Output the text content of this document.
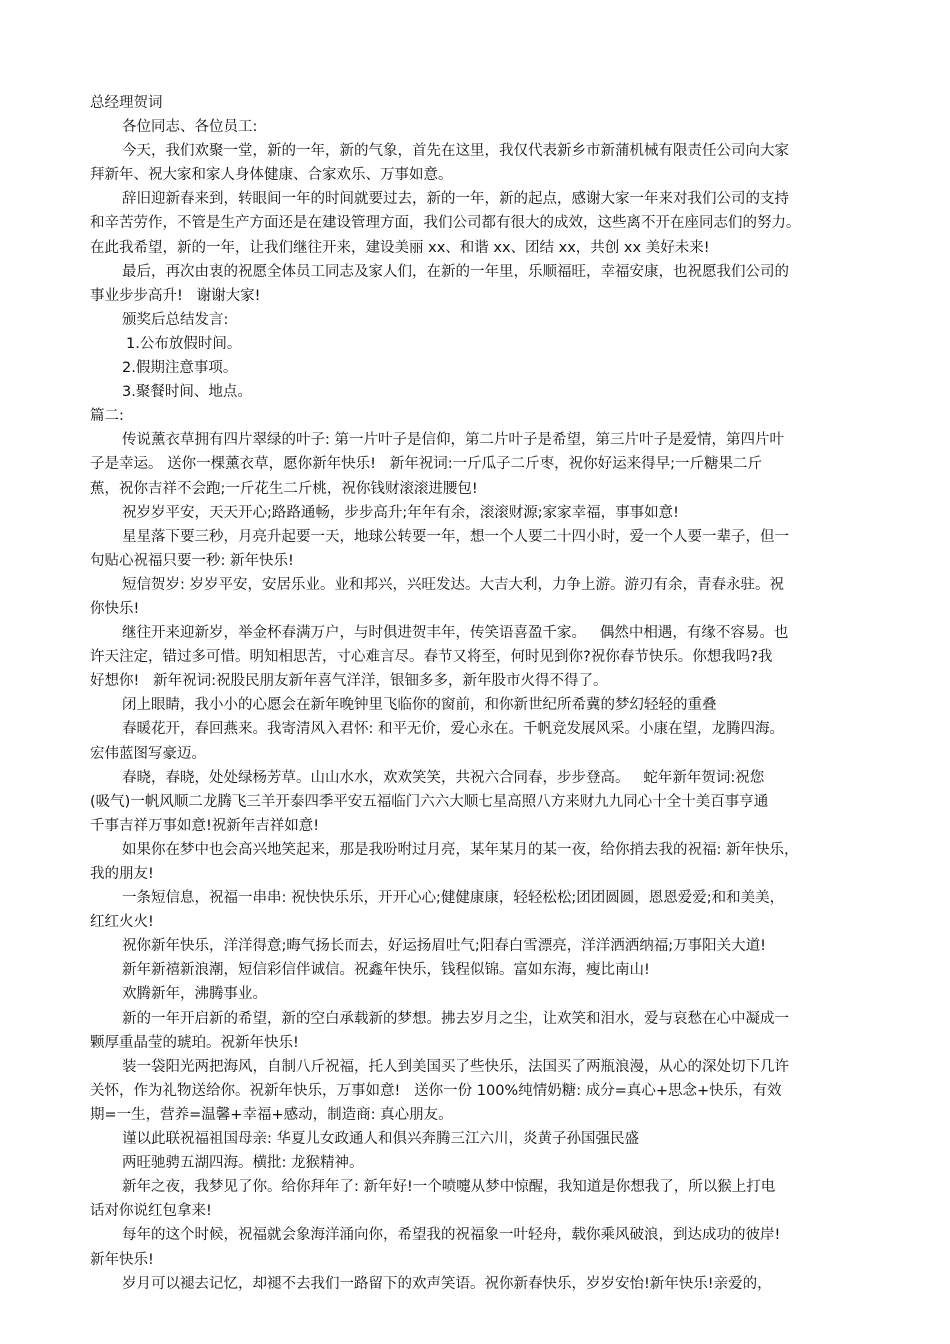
总经理贺词
各位同志、各位员工:
今天，我们欢聚一堂，新的一年，新的气象，首先在这里，我仅代表新乡市新蒲机械有限责任公司向大家
拜新年、祝大家和家人身体健康、合家欢乐、万事如意。
辞旧迎新春来到，转眼间一年的时间就要过去，新的一年，新的起点，感谢大家一年来对我们公司的支持
和辛苦劳作，不管是生产方面还是在建设管理方面，我们公司都有很大的成效，这些离不开在座同志们的努力。
在此我希望，新的一年，让我们继往开来，建设美丽 xx、和谐 xx、团结 xx，共创 xx 美好未来!
最后，再次由衷的祝愿全体员工同志及家人们，在新的一年里，乐顺福旺，幸福安康，也祝愿我们公司的
事业步步高升!   谢谢大家!
颁奖后总结发言:
1.公布放假时间。
2.假期注意事项。
3.聚餐时间、地点。
篇二:
传说薰衣草拥有四片翠绿的叶子: 第一片叶子是信仰，第二片叶子是希望，第三片叶子是爱情，第四片叶
子是幸运。 送你一棵薰衣草，愿你新年快乐!   新年祝词:一斤瓜子二斤枣，祝你好运来得早;一斤糖果二斤
蕉，祝你吉祥不会跑;一斤花生二斤桃，祝你钱财滚滚进腰包!
祝岁岁平安，天天开心;路路通畅，步步高升;年年有余，滚滚财源;家家幸福，事事如意!
星星落下要三秒，月亮升起要一天，地球公转要一年，想一个人要二十四小时，爱一个人要一辈子，但一
句贴心祝福只要一秒: 新年快乐!
短信贺岁: 岁岁平安，安居乐业。业和邦兴，兴旺发达。大吉大利，力争上游。游刃有余，青春永驻。祝
你快乐!
继往开来迎新岁，举金杯春满万户，与时俱进贺丰年，传笑语喜盈千家。   偶然中相遇，有缘不容易。也
许天注定，错过多可惜。明知相思苦，寸心难言尽。春节又将至，何时见到你?祝你春节快乐。你想我吗?我
好想你!   新年祝词:祝股民朋友新年喜气洋洋，银钿多多，新年股市火得不得了。
闭上眼睛，我小小的心愿会在新年晚钟里飞临你的窗前，和你新世纪所希冀的梦幻轻轻的重叠
春暖花开，春回燕来。我寄清风入君怀: 和平无价，爱心永在。千帆竞发展风采。小康在望，龙腾四海。
宏伟蓝图写豪迈。
春晓，春晓，处处绿杨芳草。山山水水，欢欢笑笑，共祝六合同春，步步登高。   蛇年新年贺词:祝您
(吸气)一帆风顺二龙腾飞三羊开泰四季平安五福临门六六大顺七星高照八方来财九九同心十全十美百事亨通
千事吉祥万事如意!祝新年吉祥如意!
如果你在梦中也会高兴地笑起来，那是我吩咐过月亮，某年某月的某一夜，给你捎去我的祝福: 新年快乐，
我的朋友!
一条短信息，祝福一串串: 祝快快乐乐，开开心心;健健康康，轻轻松松;团团圆圆，恩恩爱爱;和和美美，
红红火火!
祝你新年快乐，洋洋得意;晦气扬长而去，好运扬眉吐气;阳春白雪漂亮，洋洋洒洒纳福;万事阳关大道!
新年新禧新浪潮，短信彩信伴诚信。祝鑫年快乐，钱程似锦。富如东海，瘦比南山!
欢腾新年，沸腾事业。
新的一年开启新的希望，新的空白承载新的梦想。拂去岁月之尘，让欢笑和泪水，爱与哀愁在心中凝成一
颗厚重晶莹的琥珀。祝新年快乐!
装一袋阳光两把海风，自制八斤祝福，托人到美国买了些快乐，法国买了两瓶浪漫，从心的深处切下几许
关怀，作为礼物送给你。祝新年快乐，万事如意!   送你一份 100%纯情奶糖: 成分=真心+思念+快乐，有效
期=一生，营养=温馨+幸福+感动，制造商: 真心朋友。
谨以此联祝福祖国母亲: 华夏儿女政通人和俱兴奔腾三江六川，炎黄子孙国强民盛
两旺驰骋五湖四海。横批: 龙猴精神。
新年之夜，我梦见了你。给你拜年了: 新年好!一个喷嚏从梦中惊醒，我知道是你想我了，所以猴上打电
话对你说红包拿来!
每年的这个时候，祝福就会象海洋涌向你，希望我的祝福象一叶轻舟，载你乘风破浪，到达成功的彼岸!
新年快乐!
岁月可以褪去记忆，却褪不去我们一路留下的欢声笑语。祝你新春快乐，岁岁安怡!新年快乐!亲爱的，
